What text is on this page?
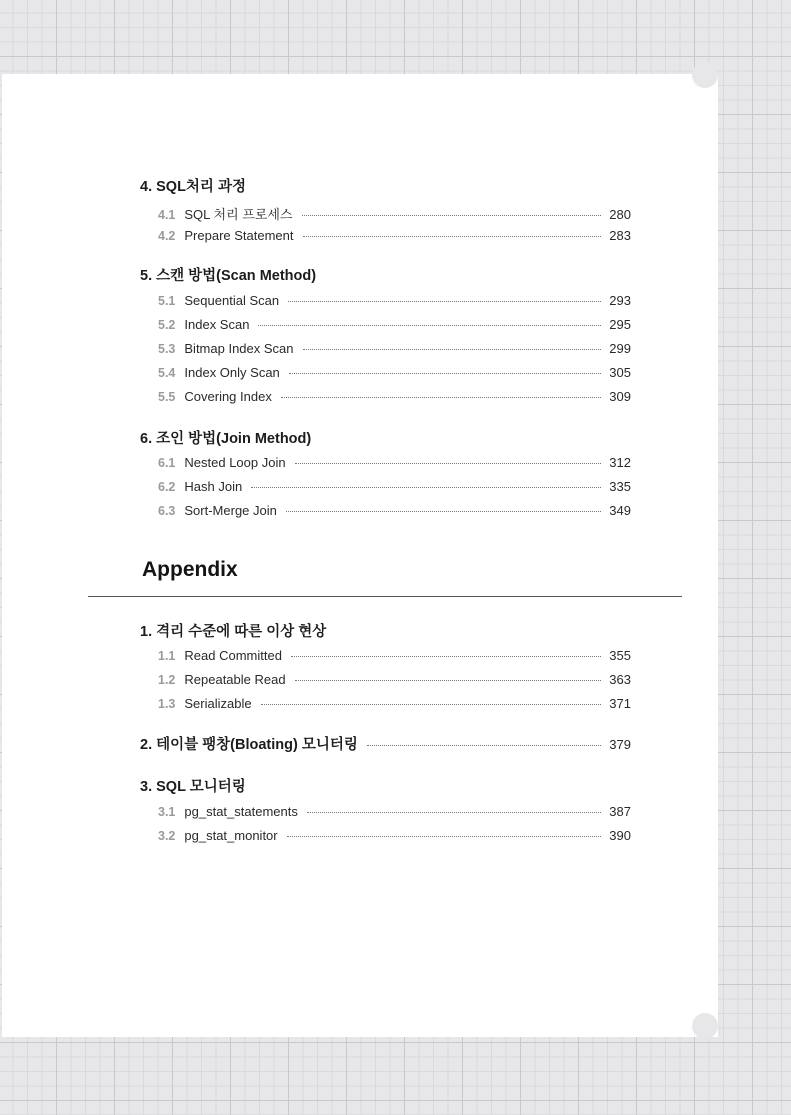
4. SQL처리 과정
4.1 SQL 처리 프로세스	280
4.2 Prepare Statement	283
5. 스캔 방법(Scan Method)
5.1 Sequential Scan	293
5.2 Index Scan	295
5.3 Bitmap Index Scan	299
5.4 Index Only Scan	305
5.5 Covering Index	309
6. 조인 방법(Join Method)
6.1 Nested Loop Join	312
6.2 Hash Join	335
6.3 Sort-Merge Join	349
Appendix
1. 격리 수준에 따른 이상 현상
1.1 Read Committed	355
1.2 Repeatable Read	363
1.3 Serializable	371
2. 테이블 팽창(Bloating) 모니터링	379
3. SQL 모니터링
3.1 pg_stat_statements	387
3.2 pg_stat_monitor	390
